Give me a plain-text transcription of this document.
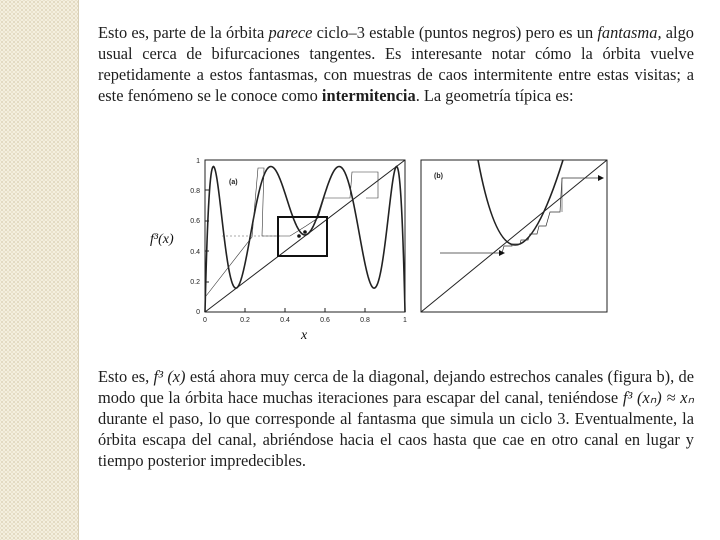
Esto es, parte de la órbita parece ciclo–3 estable (puntos negros) pero es un fantasma, algo usual cerca de bifurcaciones tangentes. Es interesante notar cómo la órbita vuelve repetidamente a estos fantasmas, con muestras de caos intermitente entre estas visitas; a este fenómeno se le conoce como intermitencia. La geometría típica es:
(a)
0
0.2
0.4
0.6
0.8
1
0	0.2	0.4	0.6	0.8	1
f³(x)
x
(b)
Esto es, f³ (x) está ahora muy cerca de la diagonal, dejando estrechos canales (figura b), de modo que la órbita hace muchas iteraciones para escapar del canal, teniéndose f³ (xₙ) ≈ xₙ durante el paso, lo que corresponde al fantasma que simula un ciclo 3. Eventualmente, la órbita escapa del canal, abriéndose hacia el caos hasta que cae en otro canal en lugar y tiempo posterior impredecibles.
